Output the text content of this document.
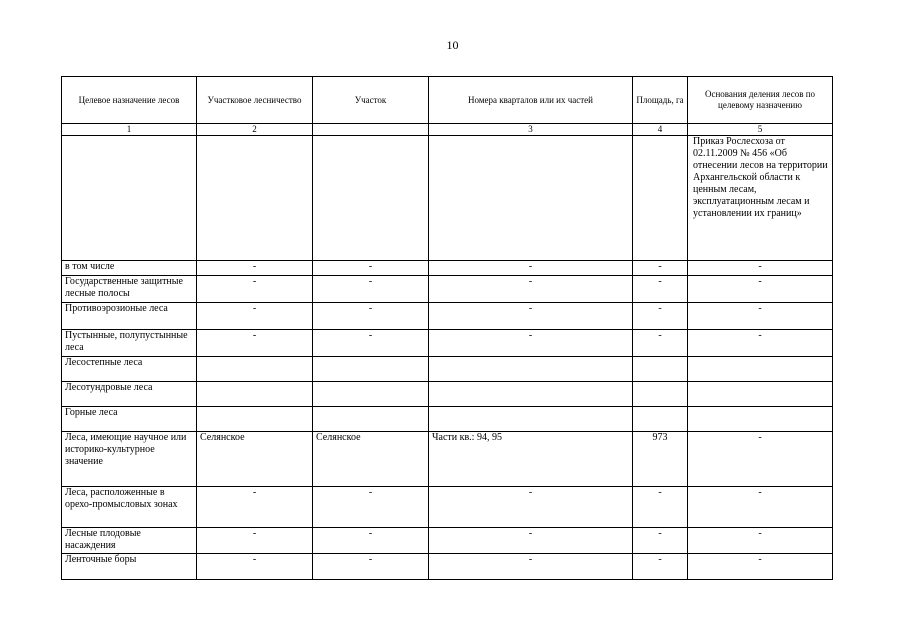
10
Целевое назначение лесов	Участковое лесничество	Участок	Номера кварталов или их частей	Площадь, га	Основания деления лесов по целевому назначению
1	2		3	4	5
					Приказ Рослесхоза от 02.11.2009 № 456 «Об отнесении лесов на территории Архангельской области к ценным лесам, эксплуатационным лесам и установлении их границ»
в том числе	-	-	-	-	-
Государственные защитные лесные полосы	-	-	-	-	-
Противоэрозионые леса	-	-	-	-	-
Пустынные, полупустынные леса	-	-	-	-	-
Лесостепные леса					
Лесотундровые леса					
Горные леса					
Леса, имеющие научное или историко-культурное значение	Селянское	Селянское	Части кв.: 94, 95	973	-
Леса, расположенные в орехо-промысловых зонах	-	-	-	-	-
Лесные плодовые насаждения	-	-	-	-	-
Ленточные боры	-	-	-	-	-
